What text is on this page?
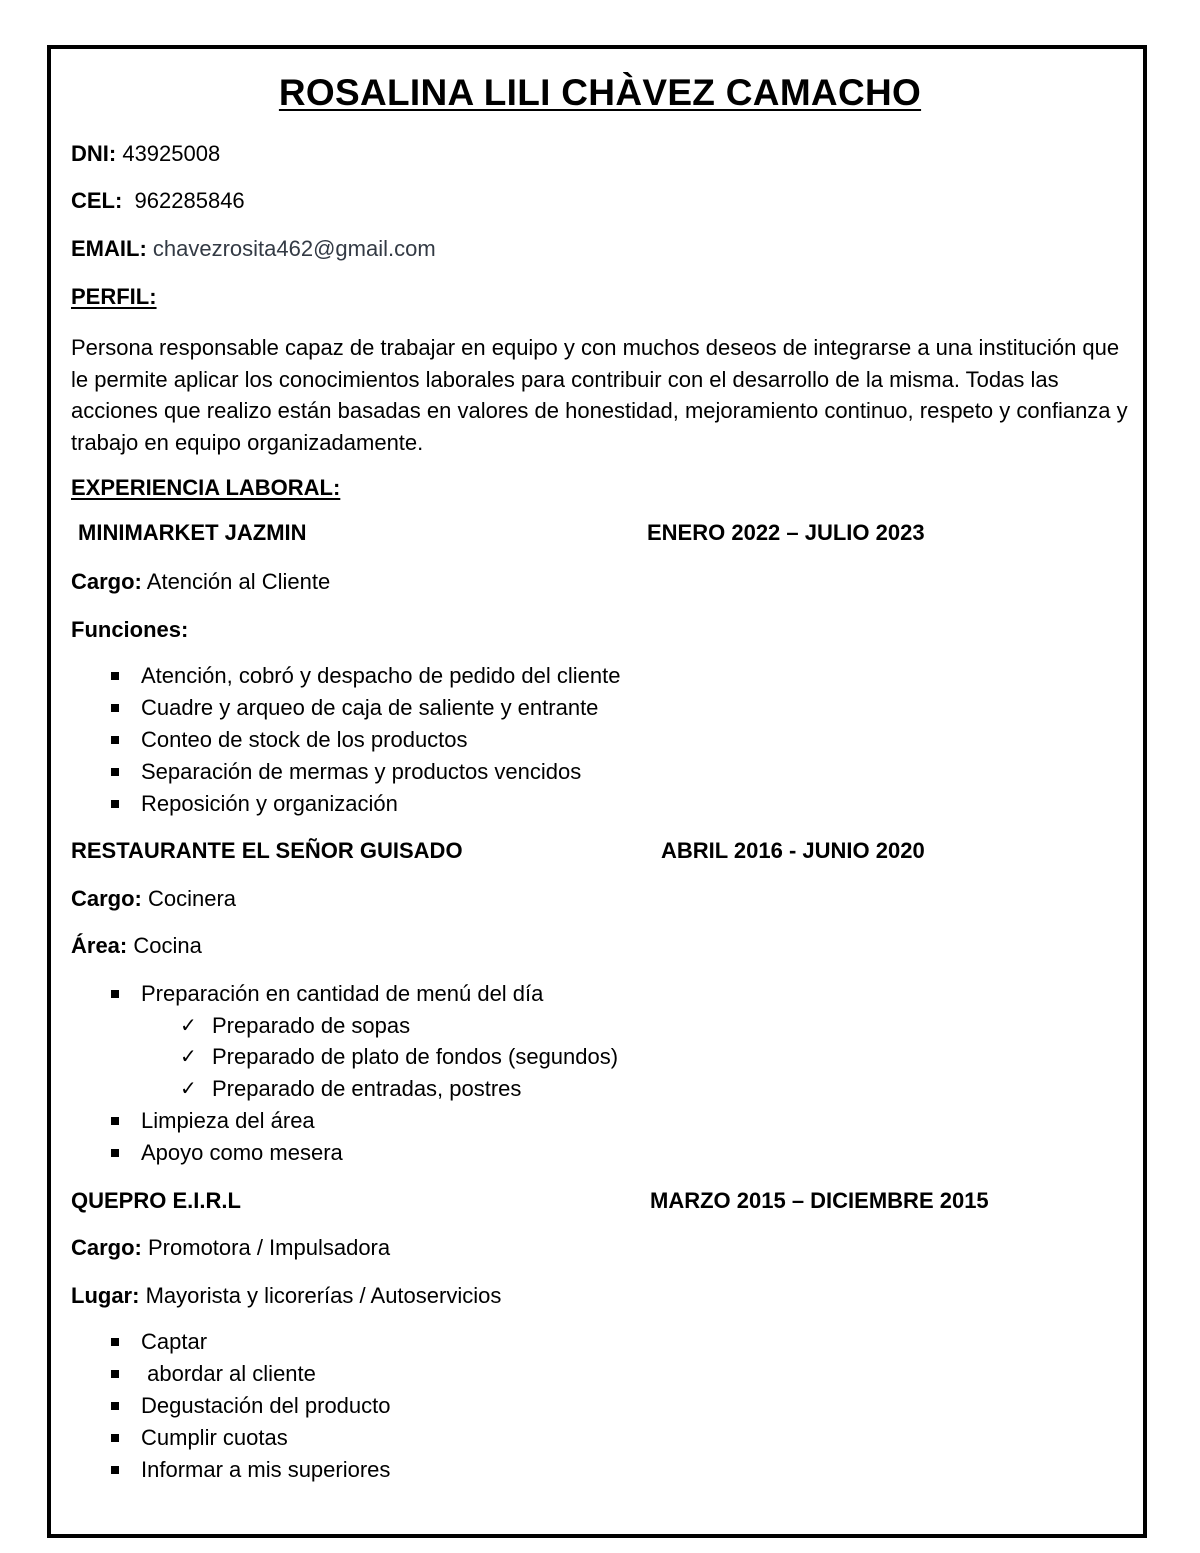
ROSALINA LILI CHÀVEZ CAMACHO
DNI: 43925008
CEL:  962285846
EMAIL: chavezrosita462@gmail.com
PERFIL:
Persona responsable capaz de trabajar en equipo y con muchos deseos de integrarse a una institución que le permite aplicar los conocimientos laborales para contribuir con el desarrollo de la misma. Todas las acciones que realizo están basadas en valores de honestidad, mejoramiento continuo, respeto y confianza y trabajo en equipo organizadamente.
EXPERIENCIA LABORAL:
MINIMARKET JAZMIN	ENERO 2022 – JULIO 2023
Cargo: Atención al Cliente
Funciones:
Atención, cobró y despacho de pedido del cliente
Cuadre y arqueo de caja de saliente y entrante
Conteo de stock de los productos
Separación de mermas y productos vencidos
Reposición y organización
RESTAURANTE EL SEÑOR GUISADO	ABRIL 2016 - JUNIO 2020
Cargo: Cocinera
Área: Cocina
Preparación en cantidad de menú del día
✓ Preparado de sopas
✓ Preparado de plato de fondos (segundos)
✓ Preparado de entradas, postres
Limpieza del área
Apoyo como mesera
QUEPRO E.I.R.L	MARZO 2015 – DICIEMBRE 2015
Cargo: Promotora / Impulsadora
Lugar: Mayorista y licorerías / Autoservicios
Captar
abordar al cliente
Degustación del producto
Cumplir cuotas
Informar a mis superiores
